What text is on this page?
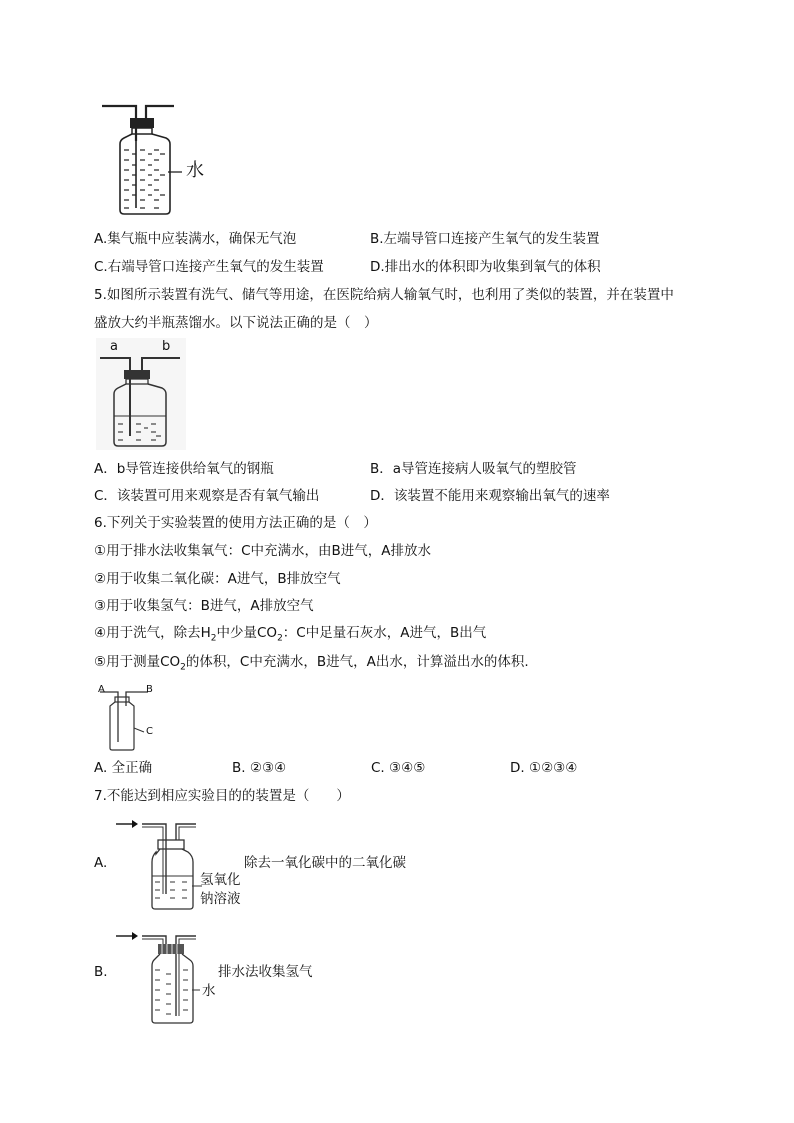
水
A.集气瓶中应装满水，确保无气泡	B.左端导管口连接产生氧气的发生装置
C.右端导管口连接产生氧气的发生装置	D.排出水的体积即为收集到氧气的体积
5.如图所示装置有洗气、储气等用途，在医院给病人输氧气时，也利用了类似的装置，并在装置中
盛放大约半瓶蒸馏水。以下说法正确的是（　）
a	b
A．b导管连接供给氧气的钢瓶	B．a导管连接病人吸氧气的塑胶管
C．该装置可用来观察是否有氧气输出	D．该装置不能用来观察输出氧气的速率
6.下列关于实验装置的使用方法正确的是（　）
①用于排水法收集氧气：C中充满水，由B进气，A排放水
②用于收集二氧化碳：A进气，B排放空气
③用于收集氢气：B进气，A排放空气
④用于洗气，除去$H_2$中少量$CO_2$：C中足量石灰水，A进气，B出气
⑤用于测量$CO_2$的体积，C中充满水，B进气，A出水，计算溢出水的体积.
A	B
C
A. 全正确	B. ②③④	C. ③④⑤	D. ①②③④
7.不能达到相应实验目的的装置是（　　）
A.	除去一氧化碳中的二氧化碳
氢氧化
钠溶液
B.	排水法收集氢气
水
